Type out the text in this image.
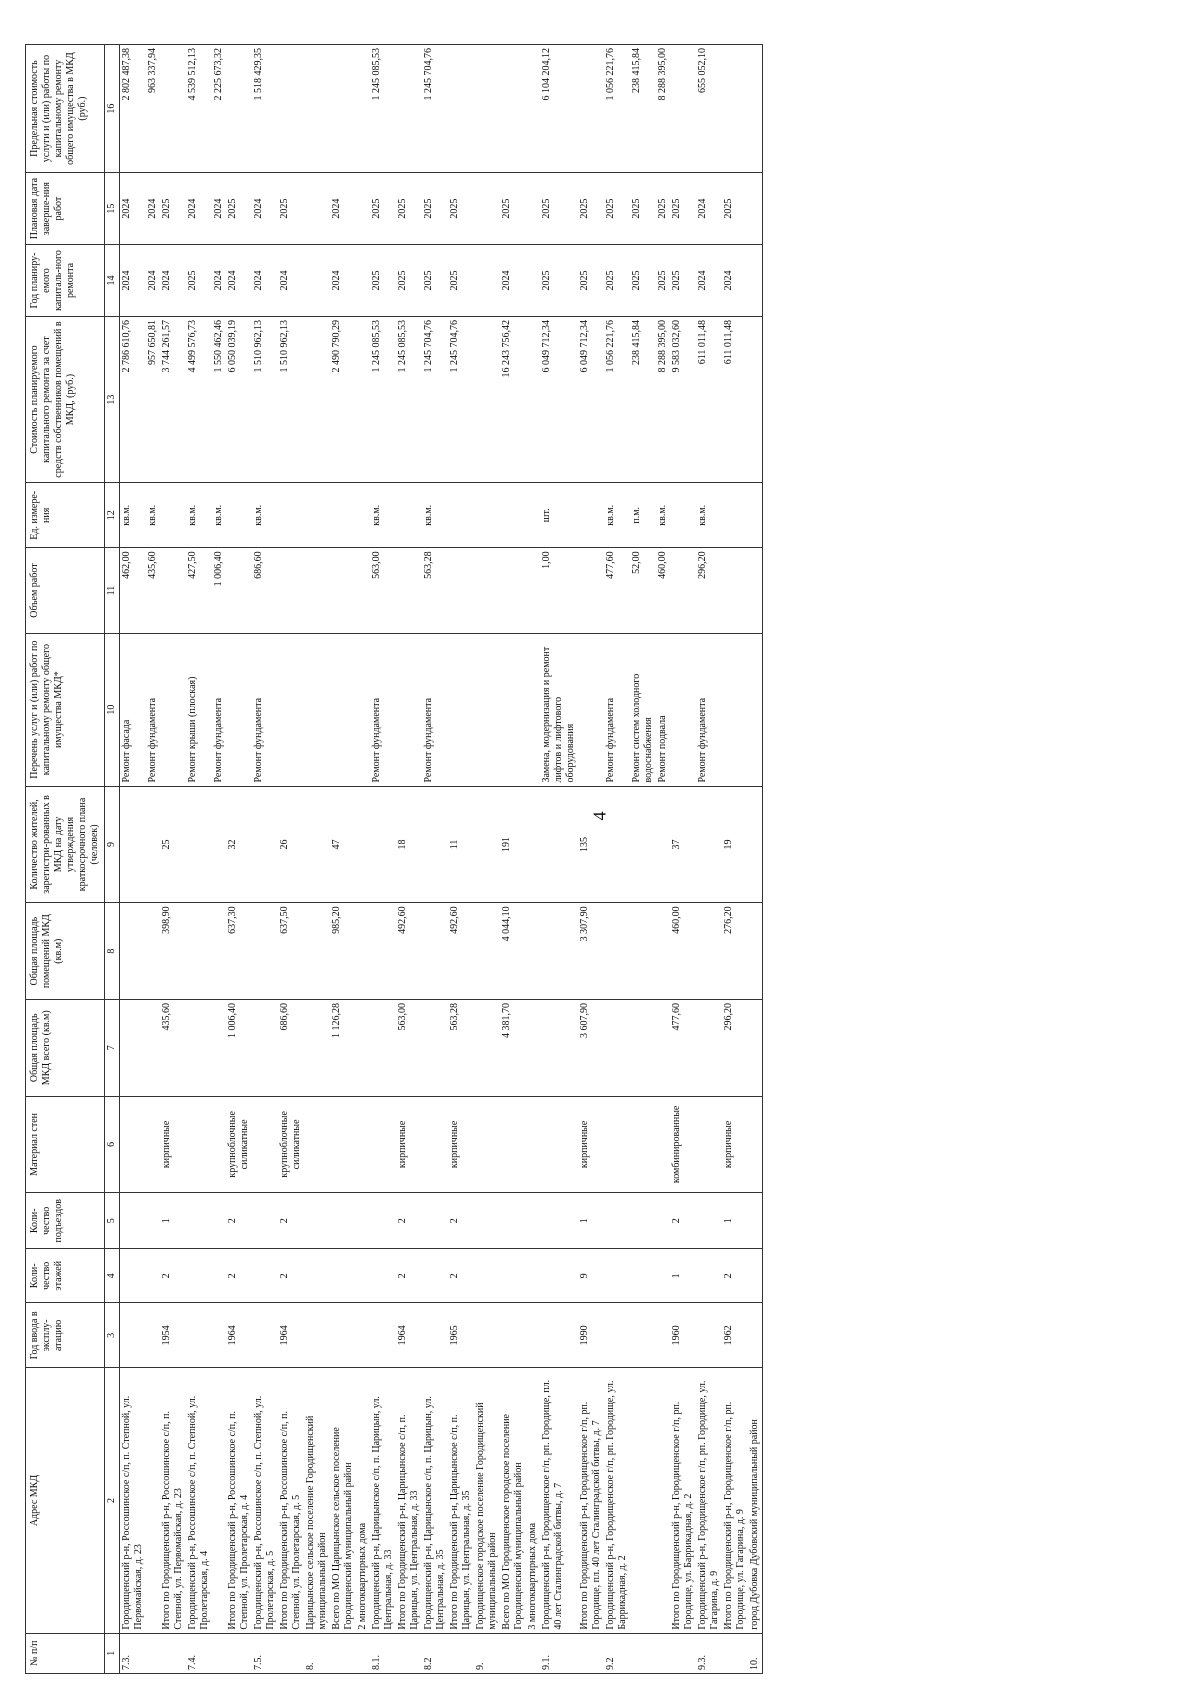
4
№ п/п	Адрес МКД	Год ввода в эксплу-атацию	Коли-чество этажей	Коли-чество подъездов	Материал стен	Общая площадь МКД всего (кв.м)	Общая площадь помещений МКД (кв.м)	Количество жителей, зарегистри-рованных в МКД на дату утверждения краткосрочного плана (человек)	Перечень услуг и (или) работ по капитальному ремонту общего имущества МКД*	Объем работ	Ед. измере-ния	Стоимость планируемого капитального ремонта за счет средств собственников помещений в МКД, (руб.)	Год планиру-емого капиталь-ного ремонта	Плановая дата заверше-ния работ	Предельная стоимость услуги и (или) работы по капитальному ремонту общего имущества в МКД (руб.)
1	2	3	4	5	6	7	8	9	10	11	12	13	14	15	16
7.3.	Городищенский р-н, Россошинское с/п, п. Степной, ул. Первомайская, д. 23								Ремонт фасада	462,00	кв.м.	2 786 610,76	2024	2024	2 802 487,38
									Ремонт фундамента	435,60	кв.м.	957 650,81	2024	2024	963 337,94
	Итого по Городищенский р-н, Россошинское с/п, п. Степной, ул. Первомайская, д. 23	1954	2	1	кирпичные	435,60	398,90	25				3 744 261,57	2024	2025	
7.4.	Городищенский р-н, Россошинское с/п, п. Степной, ул. Пролетарская, д. 4								Ремонт крыши (плоская)	427,50	кв.м.	4 499 576,73	2025	2024	4 539 512,13
									Ремонт фундамента	1 006,40	кв.м.	1 550 462,46	2024	2024	2 225 673,32
	Итого по Городищенский р-н, Россошинское с/п, п. Степной, ул. Пролетарская, д. 4	1964	2	2	крупноблочные силикатные	1 006,40	637,30	32				6 050 039,19	2024	2025	
7.5.	Городищенский р-н, Россошинское с/п, п. Степной, ул. Пролетарская, д. 5								Ремонт фундамента	686,60	кв.м.	1 510 962,13	2024	2024	1 518 429,35
	Итого по Городищенский р-н, Россошинское с/п, п. Степной, ул. Пролетарская, д. 5	1964	2	2	крупноблочные силикатные	686,60	637,50	26				1 510 962,13	2024	2025	
8.	Царицынское сельское поселение Городищенский муниципальный район														
	Всего по МО Царицынское сельское поселение Городищенский муниципальный район					1 126,28	985,20	47				2 490 790,29	2024	2024	
	2 многоквартирных дома														
8.1.	Городищенский р-н, Царицынское с/п, п. Царицын, ул. Центральная, д. 33								Ремонт фундамента	563,00	кв.м.	1 245 085,53	2025	2025	1 245 085,53
	Итого по Городищенский р-н, Царицынское с/п, п. Царицын, ул. Центральная, д. 33	1964	2	2	кирпичные	563,00	492,60	18				1 245 085,53	2025	2025	
8.2	Городищенский р-н, Царицынское с/п, п. Царицын, ул. Центральная, д. 35								Ремонт фундамента	563,28	кв.м.	1 245 704,76	2025	2025	1 245 704,76
	Итого по Городищенский р-н, Царицынское с/п, п. Царицын, ул. Центральная, д. 35	1965	2	2	кирпичные	563,28	492,60	11				1 245 704,76	2025	2025	
9.	Городищенское городское поселение Городищенский муниципальный район														
	Всего по МО Городищенское городское поселение Городищенский муниципальный район					4 381,70	4 044,10	191				16 243 756,42	2024	2025	
	3 многоквартирных дома														
9.1.	Городищенский р-н, Городищенское г/п, рп. Городище, пл. 40 лет Сталинградской битвы, д. 7								Замена, модернизация и ремонт лифтов и лифтового оборудования	1,00	шт.	6 049 712,34	2025	2025	6 104 204,12
	Итого по Городищенский р-н, Городищенское г/п, рп. Городище, пл. 40 лет Сталинградской битвы, д. 7	1990	9	1	кирпичные	3 607,90	3 307,90	135				6 049 712,34	2025	2025	
9.2	Городищенский р-н, Городищенское г/п, рп. Городище, ул. Баррикадная, д. 2								Ремонт фундамента	477,60	кв.м.	1 056 221,76	2025	2025	1 056 221,76
									Ремонт систем холодного водоснабжения	52,00	п.м.	238 415,84	2025	2025	238 415,84
									Ремонт подвала	460,00	кв.м.	8 288 395,00	2025	2025	8 288 395,00
	Итого по Городищенский р-н, Городищенское г/п, рп. Городище, ул. Баррикадная, д. 2	1960	1	2	комбинированные	477,60	460,00	37				9 583 032,60	2025	2025	
9.3.	Городищенский р-н, Городищенское г/п, рп. Городище, ул. Гагарина, д. 9								Ремонт фундамента	296,20	кв.м.	611 011,48	2024	2024	655 052,10
	Итого по Городищенский р-н, Городищенское г/п, рп. Городище, ул. Гагарина, д. 9	1962	2	1	кирпичные	296,20	276,20	19				611 011,48	2024	2025	
10.	город Дубовка Дубовский муниципальный район														
